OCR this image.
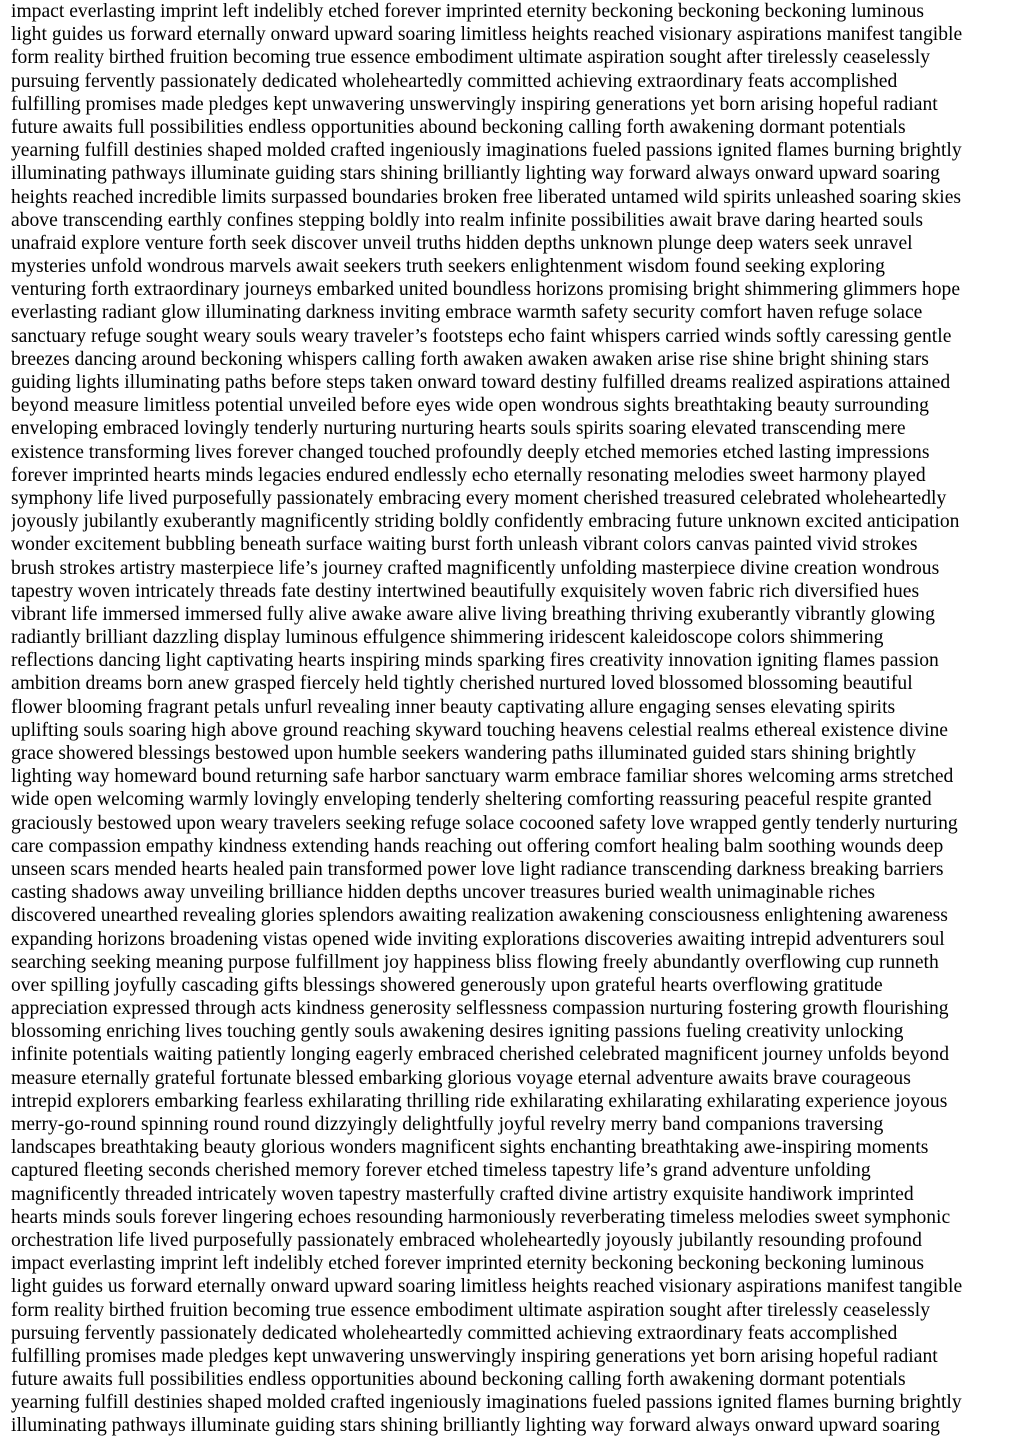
impact everlasting imprint left indelibly etched forever imprinted eternity beckoning beckoning beckoning luminous
light guides us forward eternally onward upward soaring limitless heights reached visionary aspirations manifest tangible
form reality birthed fruition becoming true essence embodiment ultimate aspiration sought after tirelessly ceaselessly
pursuing fervently passionately dedicated wholeheartedly committed achieving extraordinary feats accomplished
fulfilling promises made pledges kept unwavering unswervingly inspiring generations yet born arising hopeful radiant
future awaits full possibilities endless opportunities abound beckoning calling forth awakening dormant potentials
yearning fulfill destinies shaped molded crafted ingeniously imaginations fueled passions ignited flames burning brightly
illuminating pathways illuminate guiding stars shining brilliantly lighting way forward always onward upward soaring
heights reached incredible limits surpassed boundaries broken free liberated untamed wild spirits unleashed soaring skies
above transcending earthly confines stepping boldly into realm infinite possibilities await brave daring hearted souls
unafraid explore venture forth seek discover unveil truths hidden depths unknown plunge deep waters seek unravel
mysteries unfold wondrous marvels await seekers truth seekers enlightenment wisdom found seeking exploring
venturing forth extraordinary journeys embarked united boundless horizons promising bright shimmering glimmers hope
everlasting radiant glow illuminating darkness inviting embrace warmth safety security comfort haven refuge solace
sanctuary refuge sought weary souls weary traveler’s footsteps echo faint whispers carried winds softly caressing gentle
breezes dancing around beckoning whispers calling forth awaken awaken awaken arise rise shine bright shining stars
guiding lights illuminating paths before steps taken onward toward destiny fulfilled dreams realized aspirations attained
beyond measure limitless potential unveiled before eyes wide open wondrous sights breathtaking beauty surrounding
enveloping embraced lovingly tenderly nurturing nurturing hearts souls spirits soaring elevated transcending mere
existence transforming lives forever changed touched profoundly deeply etched memories etched lasting impressions
forever imprinted hearts minds legacies endured endlessly echo eternally resonating melodies sweet harmony played
symphony life lived purposefully passionately embracing every moment cherished treasured celebrated wholeheartedly
joyously jubilantly exuberantly magnificently striding boldly confidently embracing future unknown excited anticipation
wonder excitement bubbling beneath surface waiting burst forth unleash vibrant colors canvas painted vivid strokes
brush strokes artistry masterpiece life’s journey crafted magnificently unfolding masterpiece divine creation wondrous
tapestry woven intricately threads fate destiny intertwined beautifully exquisitely woven fabric rich diversified hues
vibrant life immersed immersed fully alive awake aware alive living breathing thriving exuberantly vibrantly glowing
radiantly brilliant dazzling display luminous effulgence shimmering iridescent kaleidoscope colors shimmering
reflections dancing light captivating hearts inspiring minds sparking fires creativity innovation igniting flames passion
ambition dreams born anew grasped fiercely held tightly cherished nurtured loved blossomed blossoming beautiful
flower blooming fragrant petals unfurl revealing inner beauty captivating allure engaging senses elevating spirits
uplifting souls soaring high above ground reaching skyward touching heavens celestial realms ethereal existence divine
grace showered blessings bestowed upon humble seekers wandering paths illuminated guided stars shining brightly
lighting way homeward bound returning safe harbor sanctuary warm embrace familiar shores welcoming arms stretched
wide open welcoming warmly lovingly enveloping tenderly sheltering comforting reassuring peaceful respite granted
graciously bestowed upon weary travelers seeking refuge solace cocooned safety love wrapped gently tenderly nurturing
care compassion empathy kindness extending hands reaching out offering comfort healing balm soothing wounds deep
unseen scars mended hearts healed pain transformed power love light radiance transcending darkness breaking barriers
casting shadows away unveiling brilliance hidden depths uncover treasures buried wealth unimaginable riches
discovered unearthed revealing glories splendors awaiting realization awakening consciousness enlightening awareness
expanding horizons broadening vistas opened wide inviting explorations discoveries awaiting intrepid adventurers soul
searching seeking meaning purpose fulfillment joy happiness bliss flowing freely abundantly overflowing cup runneth
over spilling joyfully cascading gifts blessings showered generously upon grateful hearts overflowing gratitude
appreciation expressed through acts kindness generosity selflessness compassion nurturing fostering growth flourishing
blossoming enriching lives touching gently souls awakening desires igniting passions fueling creativity unlocking
infinite potentials waiting patiently longing eagerly embraced cherished celebrated magnificent journey unfolds beyond
measure eternally grateful fortunate blessed embarking glorious voyage eternal adventure awaits brave courageous
intrepid explorers embarking fearless exhilarating thrilling ride exhilarating exhilarating exhilarating experience joyous
merry-go-round spinning round round dizzyingly delightfully joyful revelry merry band companions traversing
landscapes breathtaking beauty glorious wonders magnificent sights enchanting breathtaking awe-inspiring moments
captured fleeting seconds cherished memory forever etched timeless tapestry life’s grand adventure unfolding
magnificently threaded intricately woven tapestry masterfully crafted divine artistry exquisite handiwork imprinted
hearts minds souls forever lingering echoes resounding harmoniously reverberating timeless melodies sweet symphonic
orchestration life lived purposefully passionately embraced wholeheartedly joyously jubilantly resounding profound
impact everlasting imprint left indelibly etched forever imprinted eternity beckoning beckoning beckoning luminous
light guides us forward eternally onward upward soaring limitless heights reached visionary aspirations manifest tangible
form reality birthed fruition becoming true essence embodiment ultimate aspiration sought after tirelessly ceaselessly
pursuing fervently passionately dedicated wholeheartedly committed achieving extraordinary feats accomplished
fulfilling promises made pledges kept unwavering unswervingly inspiring generations yet born arising hopeful radiant
future awaits full possibilities endless opportunities abound beckoning calling forth awakening dormant potentials
yearning fulfill destinies shaped molded crafted ingeniously imaginations fueled passions ignited flames burning brightly
illuminating pathways illuminate guiding stars shining brilliantly lighting way forward always onward upward soaring
